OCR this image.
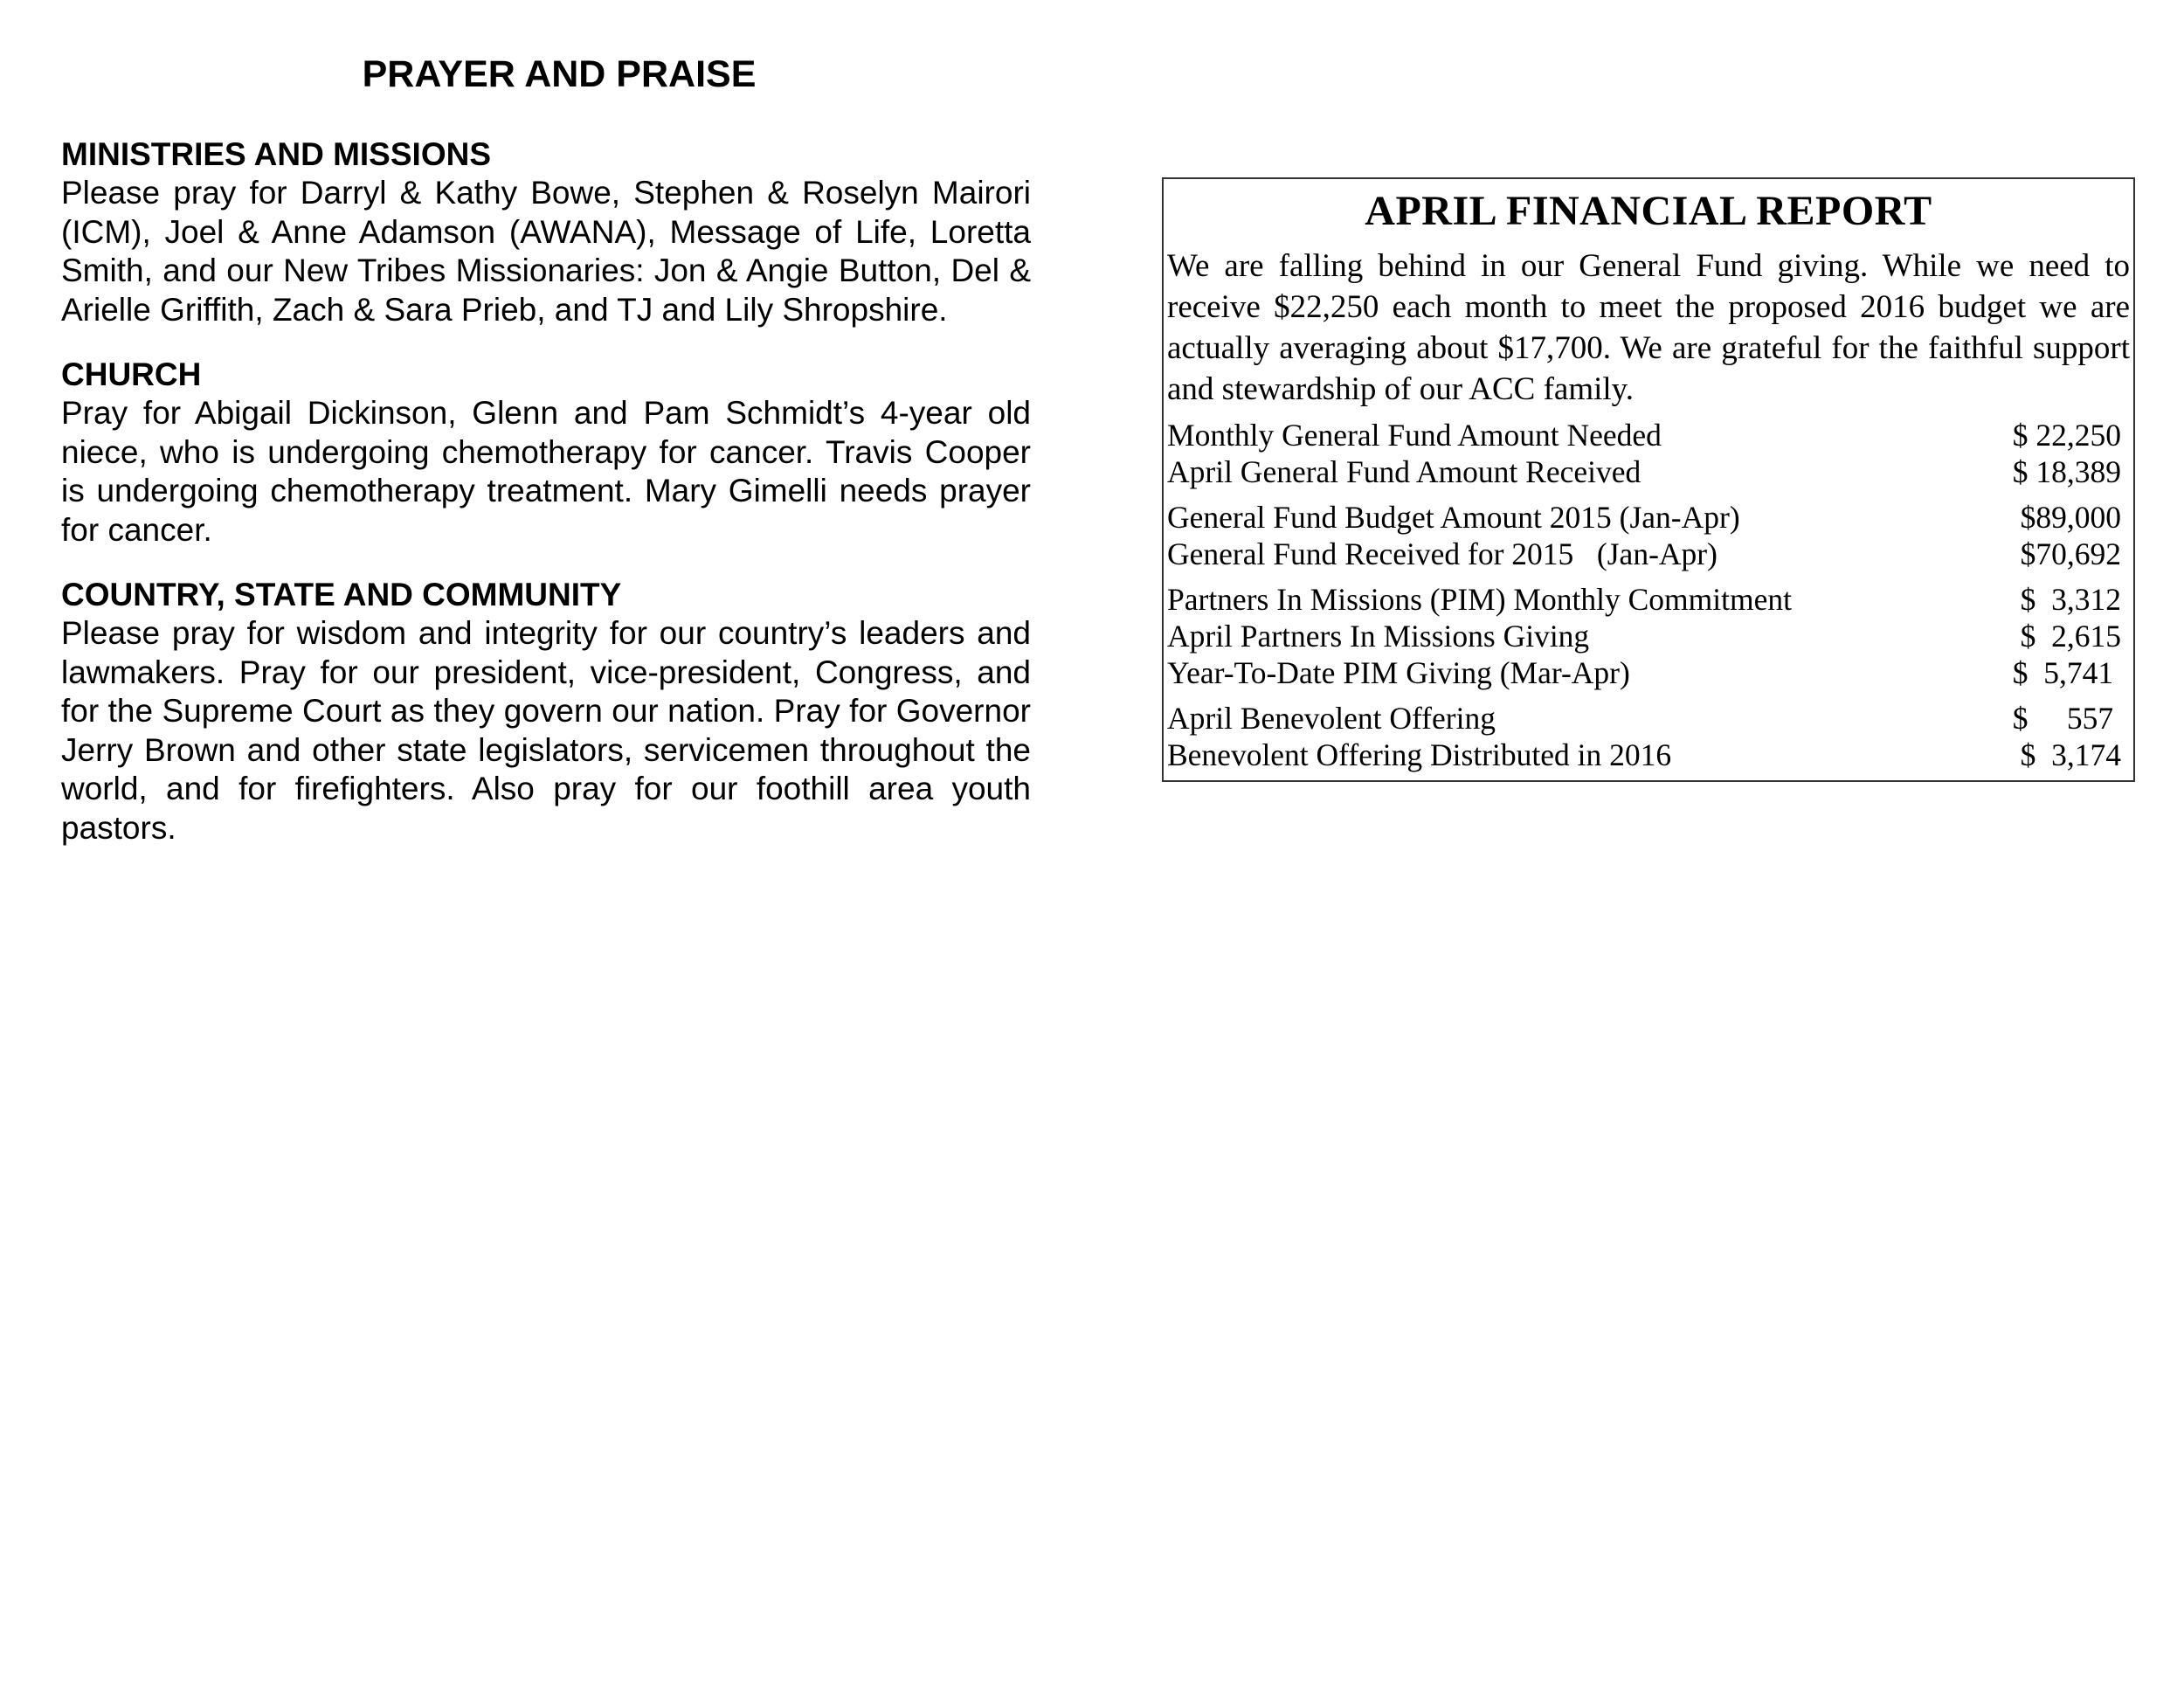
PRAYER AND PRAISE
MINISTRIES AND MISSIONS

Please pray for Darryl & Kathy Bowe, Stephen & Roselyn Mairori (ICM), Joel & Anne Adamson (AWANA), Message of Life, Loretta Smith, and our New Tribes Missionaries: Jon & Angie Button, Del & Arielle Griffith, Zach & Sara Prieb, and TJ and Lily Shropshire.

CHURCH

Pray for Abigail Dickinson, Glenn and Pam Schmidt’s 4-year old niece, who is undergoing chemotherapy for cancer. Travis Cooper is undergoing chemotherapy treatment. Mary Gimelli needs prayer for cancer.

COUNTRY, STATE AND COMMUNITY

Please pray for wisdom and integrity for our country’s leaders and lawmakers. Pray for our president, vice-president, Congress, and for the Supreme Court as they govern our nation. Pray for Governor Jerry Brown and other state legislators, servicemen throughout the world, and for firefighters. Also pray for our foothill area youth pastors.

APRIL FINANCIAL REPORT

We are falling behind in our General Fund giving. While we need to receive $22,250 each month to meet the proposed 2016 budget we are actually averaging about $17,700. We are grateful for the faithful support and stewardship of our ACC family.

Monthly General Fund Amount Needed	$ 22,250
April General Fund Amount Received	$ 18,389
General Fund Budget Amount 2015 (Jan-Apr)	$89,000
General Fund Received for 2015   (Jan-Apr)	$70,692
Partners In Missions (PIM) Monthly Commitment	$  3,312
April Partners In Missions Giving	$  2,615
Year-To-Date PIM Giving (Mar-Apr)	$  5,741
April Benevolent Offering	$     557
Benevolent Offering Distributed in 2016	$  3,174
